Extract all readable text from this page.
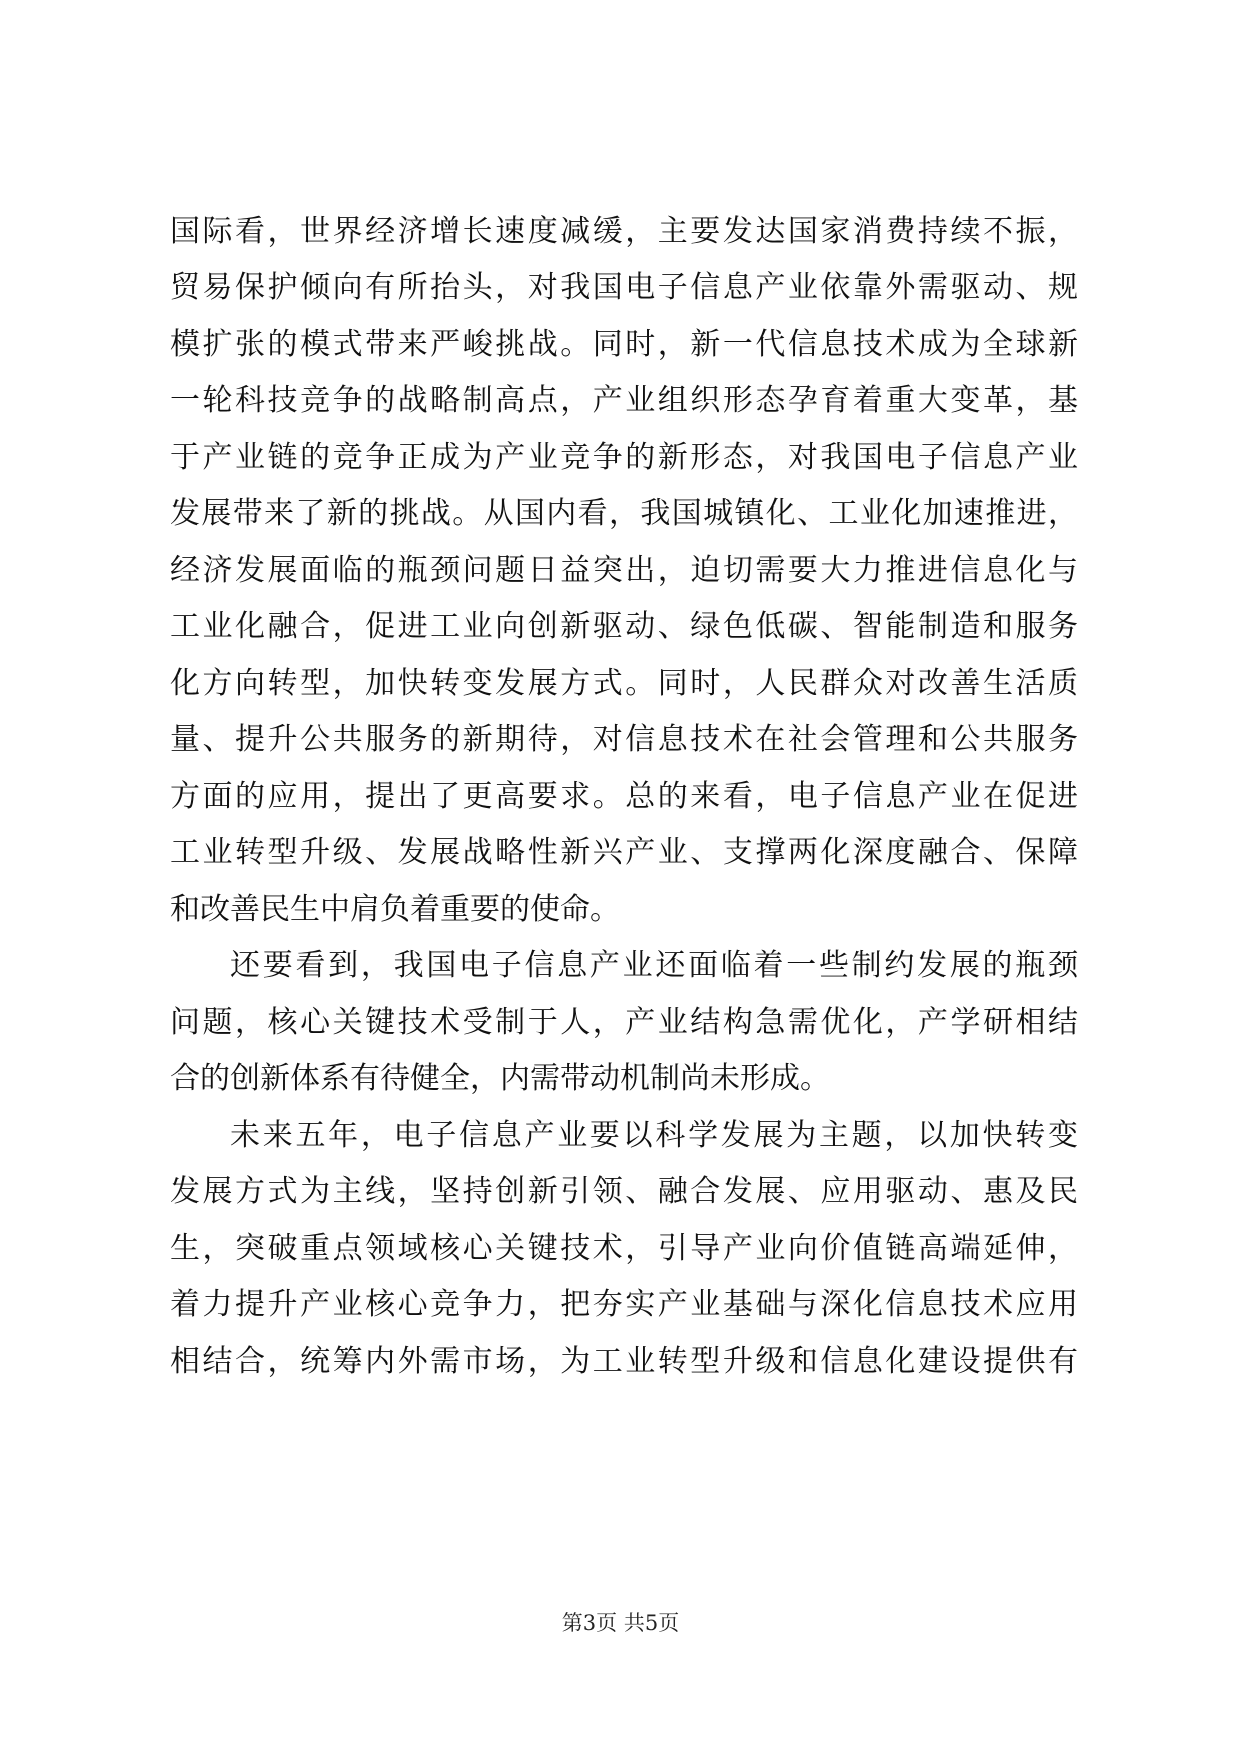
国际看，世界经济增长速度减缓，主要发达国家消费持续不振，
贸易保护倾向有所抬头，对我国电子信息产业依靠外需驱动、规
模扩张的模式带来严峻挑战。同时，新一代信息技术成为全球新
一轮科技竞争的战略制高点，产业组织形态孕育着重大变革，基
于产业链的竞争正成为产业竞争的新形态，对我国电子信息产业
发展带来了新的挑战。从国内看，我国城镇化、工业化加速推进，
经济发展面临的瓶颈问题日益突出，迫切需要大力推进信息化与
工业化融合，促进工业向创新驱动、绿色低碳、智能制造和服务
化方向转型，加快转变发展方式。同时，人民群众对改善生活质
量、提升公共服务的新期待，对信息技术在社会管理和公共服务
方面的应用，提出了更高要求。总的来看，电子信息产业在促进
工业转型升级、发展战略性新兴产业、支撑两化深度融合、保障
和改善民生中肩负着重要的使命。
还要看到，我国电子信息产业还面临着一些制约发展的瓶颈
问题，核心关键技术受制于人，产业结构急需优化，产学研相结
合的创新体系有待健全，内需带动机制尚未形成。
未来五年，电子信息产业要以科学发展为主题，以加快转变
发展方式为主线，坚持创新引领、融合发展、应用驱动、惠及民
生，突破重点领域核心关键技术，引导产业向价值链高端延伸，
着力提升产业核心竞争力，把夯实产业基础与深化信息技术应用
相结合，统筹内外需市场，为工业转型升级和信息化建设提供有
第3页 共5页
